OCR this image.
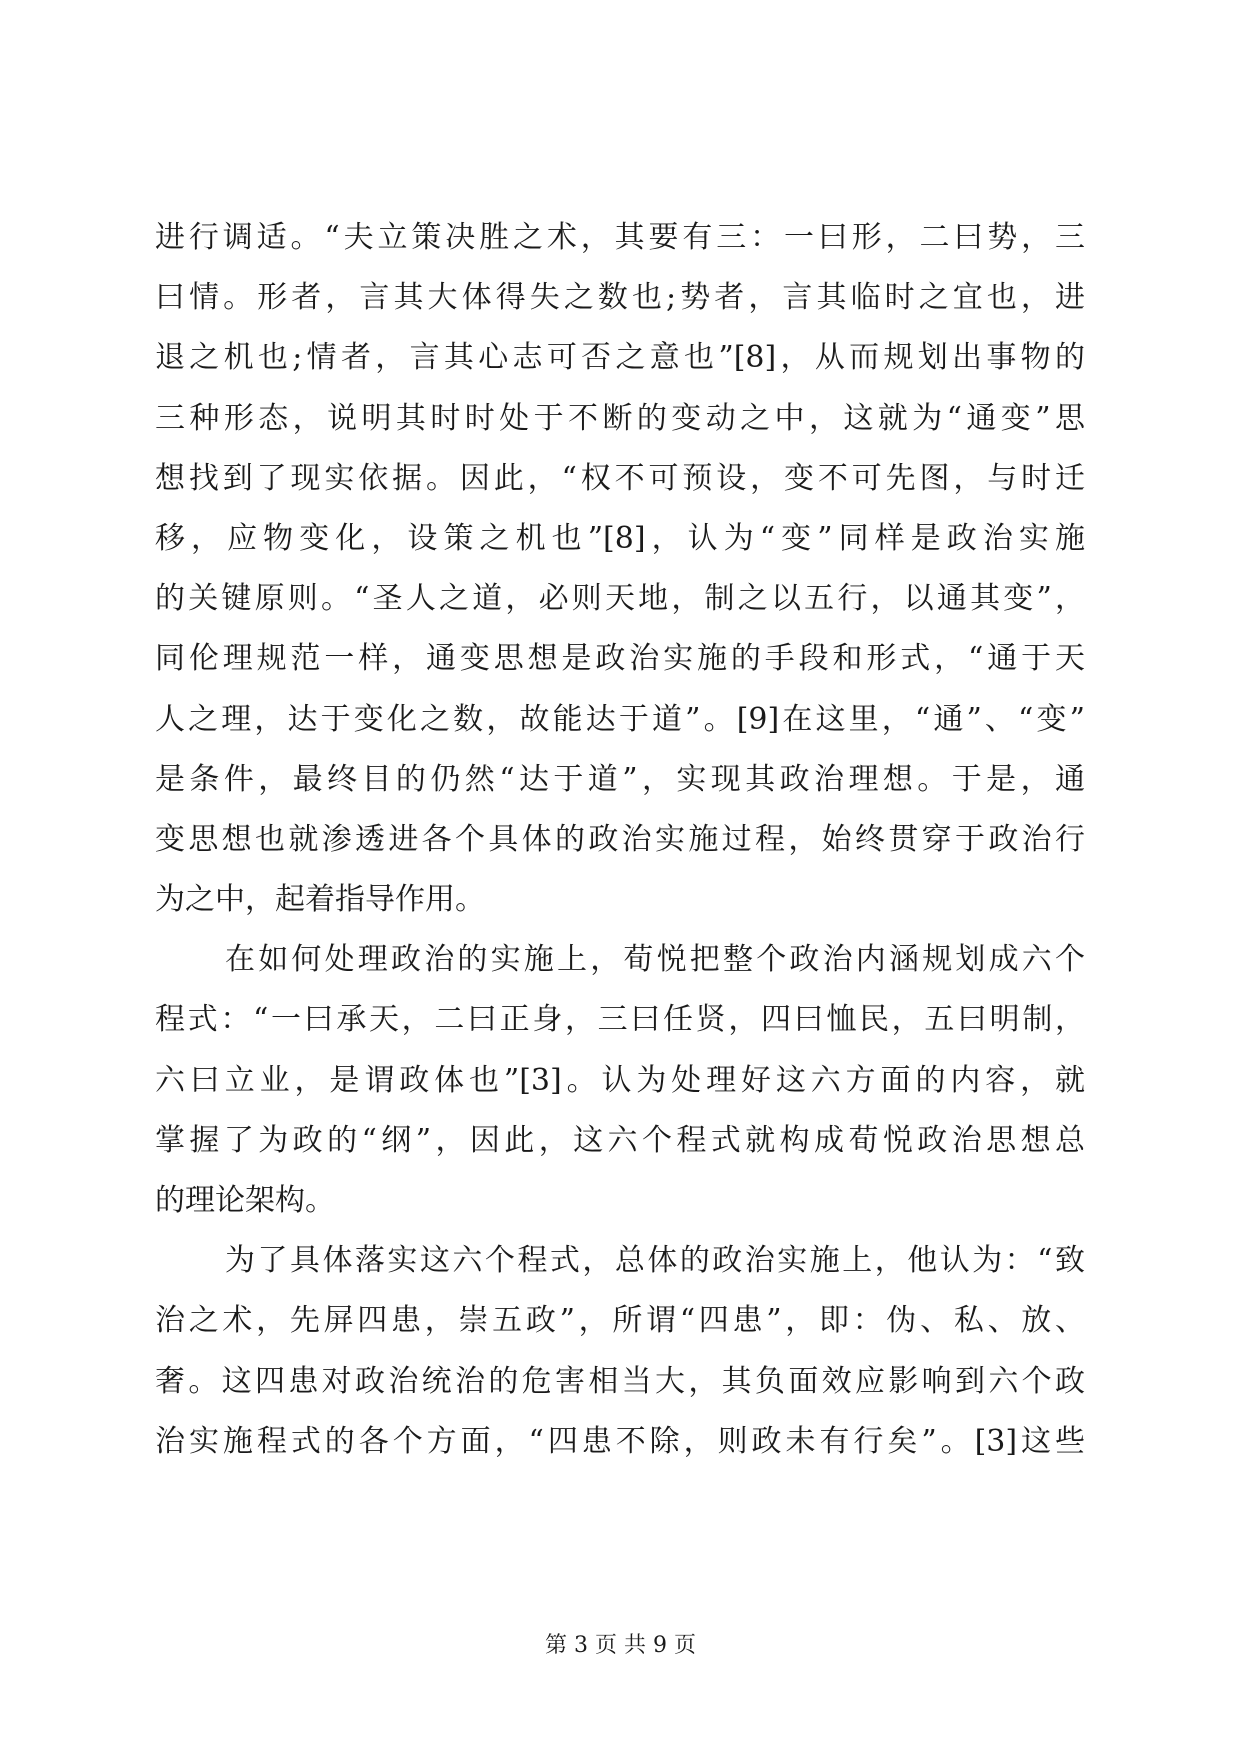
进行调适。“夫立策决胜之术，其要有三：一曰形，二曰势，三
曰情。形者，言其大体得失之数也;势者，言其临时之宜也，进
退之机也;情者，言其心志可否之意也”[8]，从而规划出事物的
三种形态，说明其时时处于不断的变动之中，这就为“通变”思
想找到了现实依据。因此，“权不可预设，变不可先图，与时迁
移，应物变化，设策之机也”[8]，认为“变”同样是政治实施
的关键原则。“圣人之道，必则天地，制之以五行，以通其变”，
同伦理规范一样，通变思想是政治实施的手段和形式，“通于天
人之理，达于变化之数，故能达于道”。[9]在这里，“通”、“变”
是条件，最终目的仍然“达于道”，实现其政治理想。于是，通
变思想也就渗透进各个具体的政治实施过程，始终贯穿于政治行
为之中，起着指导作用。
在如何处理政治的实施上，荀悦把整个政治内涵规划成六个
程式：“一曰承天，二曰正身，三曰任贤，四曰恤民，五曰明制，
六曰立业，是谓政体也”[3]。认为处理好这六方面的内容，就
掌握了为政的“纲”，因此，这六个程式就构成荀悦政治思想总
的理论架构。
为了具体落实这六个程式，总体的政治实施上，他认为：“致
治之术，先屏四患，崇五政”，所谓“四患”，即：伪、私、放、
奢。这四患对政治统治的危害相当大，其负面效应影响到六个政
治实施程式的各个方面，“四患不除，则政未有行矣”。[3]这些
第 3 页 共 9 页
